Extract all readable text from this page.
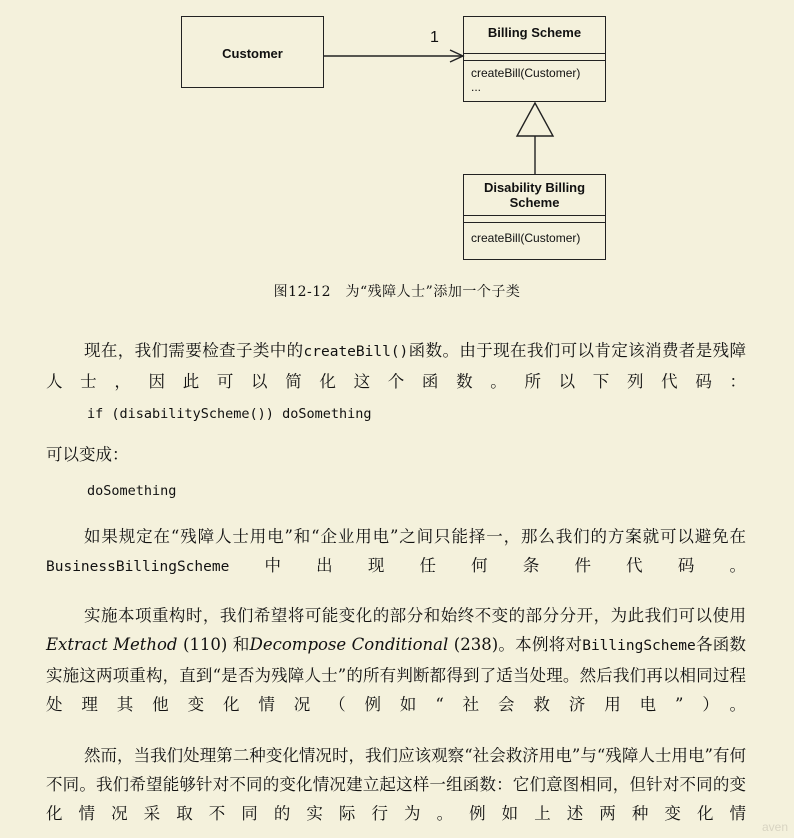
Customer
1	Billing Scheme
createBill(Customer)
...
Disability Billing
Scheme
createBill(Customer)
图12-12　为“残障人士”添加一个子类
现在，我们需要检查子类中的createBill()函数。由于现在我们可以肯定该消费者是残障人士，因此可以简化这个函数。所以下列代码：
if (disabilityScheme()) doSomething
可以变成：
doSomething
如果规定在“残障人士用电”和“企业用电”之间只能择一，那么我们的方案就可以避免在BusinessBillingScheme中出现任何条件代码。
实施本项重构时，我们希望将可能变化的部分和始终不变的部分分开，为此我们可以使用Extract Method (110) 和Decompose Conditional (238)。本例将对BillingScheme各函数实施这两项重构，直到“是否为残障人士”的所有判断都得到了适当处理。然后我们再以相同过程处理其他变化情况（例如“社会救济用电”）。
然而，当我们处理第二种变化情况时，我们应该观察“社会救济用电”与“残障人士用电”有何不同。我们希望能够针对不同的变化情况建立起这样一组函数：它们意图相同，但针对不同的变化情况采取不同的实际行为。例如上述两种变化情
aven
